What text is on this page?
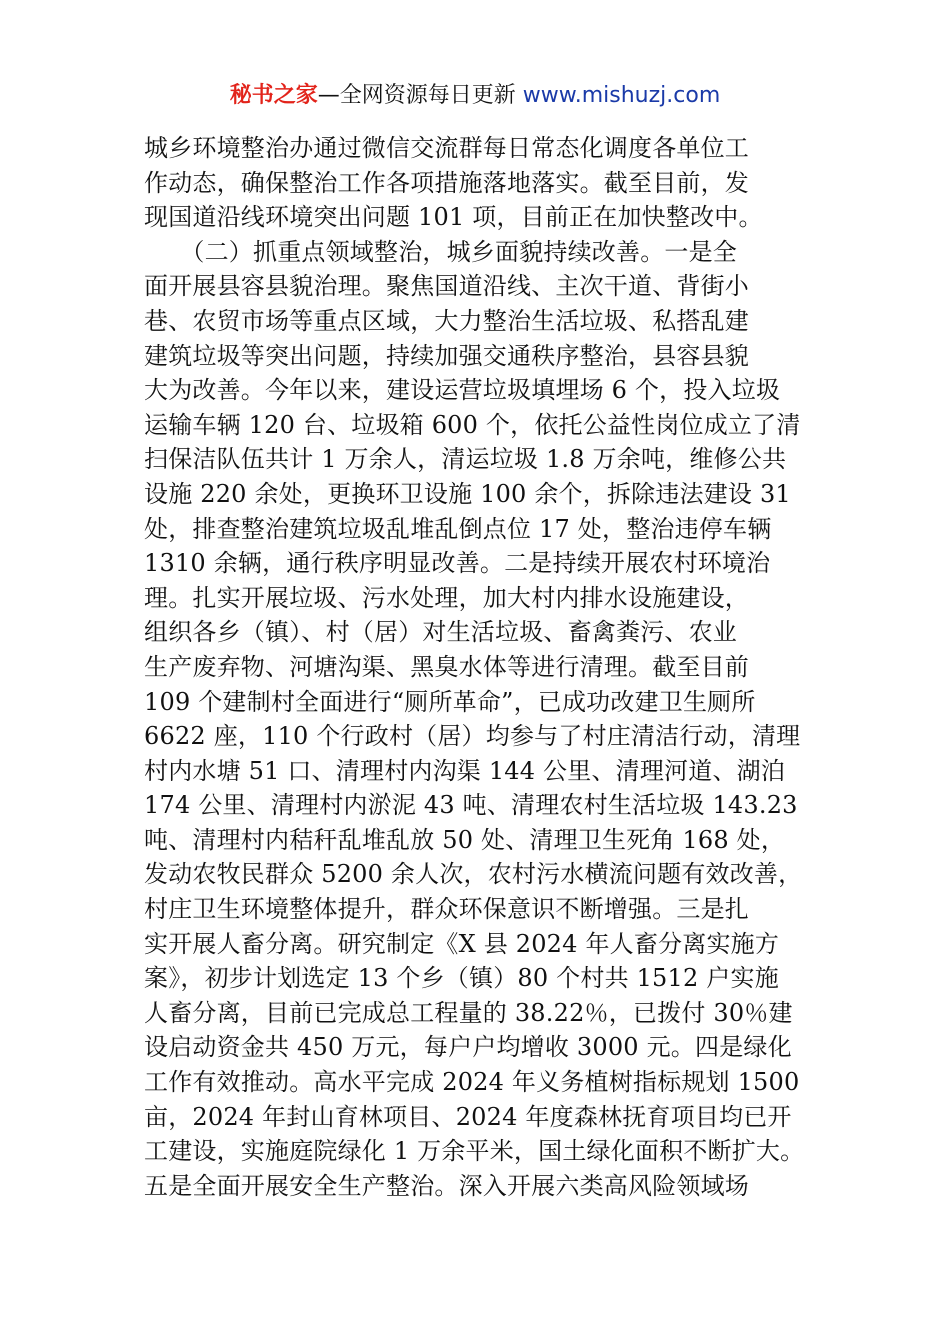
秘书之家—全网资源每日更新 www.mishuzj.com
城乡环境整治办通过微信交流群每日常态化调度各单位工
作动态，确保整治工作各项措施落地落实。截至目前，发
现国道沿线环境突出问题 101 项，目前正在加快整改中。
　　（二）抓重点领域整治，城乡面貌持续改善。一是全
面开展县容县貌治理。聚焦国道沿线、主次干道、背街小
巷、农贸市场等重点区域，大力整治生活垃圾、私搭乱建
建筑垃圾等突出问题，持续加强交通秩序整治，县容县貌
大为改善。今年以来，建设运营垃圾填埋场 6 个，投入垃圾
运输车辆 120 台、垃圾箱 600 个，依托公益性岗位成立了清
扫保洁队伍共计 1 万余人，清运垃圾 1.8 万余吨，维修公共
设施 220 余处，更换环卫设施 100 余个，拆除违法建设 31
处，排查整治建筑垃圾乱堆乱倒点位 17 处，整治违停车辆
1310 余辆，通行秩序明显改善。二是持续开展农村环境治
理。扎实开展垃圾、污水处理，加大村内排水设施建设，
组织各乡（镇）、村（居）对生活垃圾、畜禽粪污、农业
生产废弃物、河塘沟渠、黑臭水体等进行清理。截至目前
109 个建制村全面进行“厕所革命”，已成功改建卫生厕所
6622 座，110 个行政村（居）均参与了村庄清洁行动，清理
村内水塘 51 口、清理村内沟渠 144 公里、清理河道、湖泊
174 公里、清理村内淤泥 43 吨、清理农村生活垃圾 143.23
吨、清理村内秸秆乱堆乱放 50 处、清理卫生死角 168 处，
发动农牧民群众 5200 余人次，农村污水横流问题有效改善，
村庄卫生环境整体提升，群众环保意识不断增强。三是扎
实开展人畜分离。研究制定《X 县 2024 年人畜分离实施方
案》，初步计划选定 13 个乡（镇）80 个村共 1512 户实施
人畜分离，目前已完成总工程量的 38.22％，已拨付 30％建
设启动资金共 450 万元，每户户均增收 3000 元。四是绿化
工作有效推动。高水平完成 2024 年义务植树指标规划 1500
亩，2024 年封山育林项目、2024 年度森林抚育项目均已开
工建设，实施庭院绿化 1 万余平米，国土绿化面积不断扩大。
五是全面开展安全生产整治。深入开展六类高风险领域场
